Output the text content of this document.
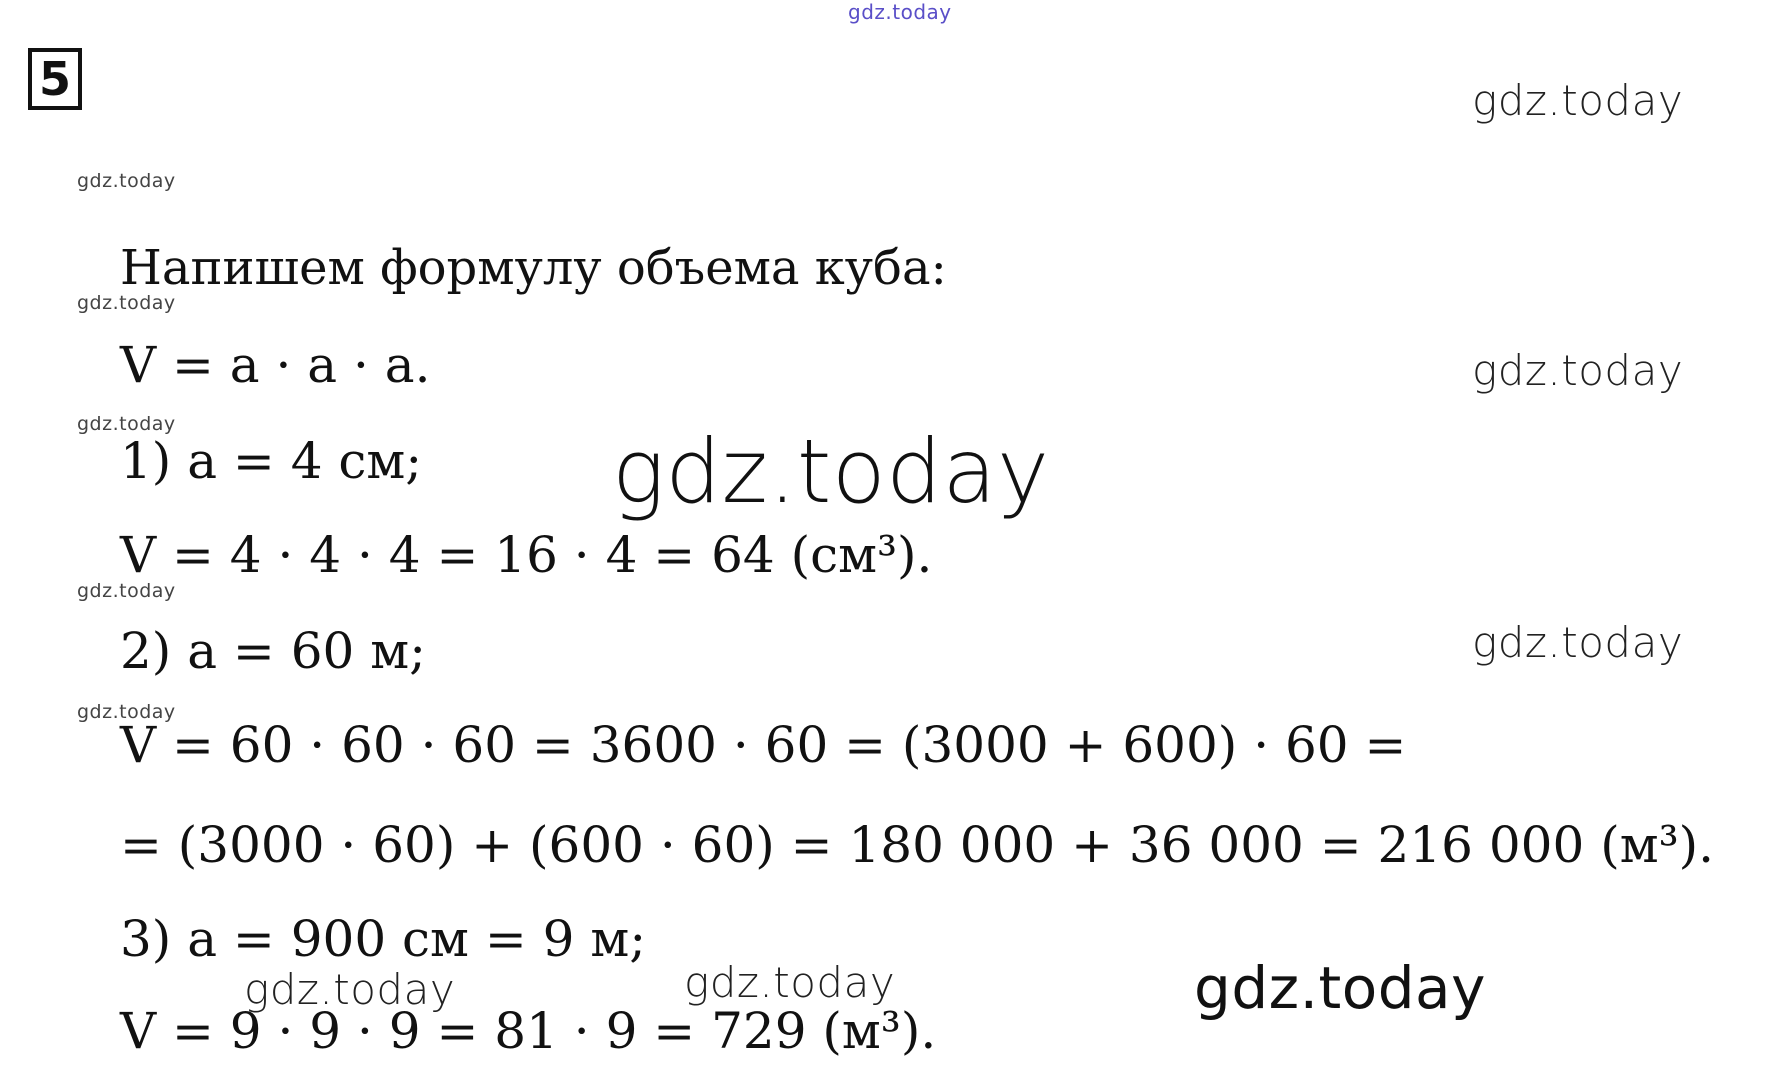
5
gdz.today
gdz.today
gdz.today
gdz.today
gdz.today
gdz.today
gdz.today
gdz.today
gdz.today
gdz.today
gdz.today	gdz.today	gdz.today
Напишем формулу объема куба:
V = a · a · a.
1) a = 4 см;
V = 4 · 4 · 4 = 16 · 4 = 64 (см³).
2) a = 60 м;
V = 60 · 60 · 60 = 3600 · 60 = (3000 + 600) · 60 =
= (3000 · 60) + (600 · 60) = 180 000 + 36 000 = 216 000 (м³).
3) a = 900 см = 9 м;
V = 9 · 9 · 9 = 81 · 9 = 729 (м³).
